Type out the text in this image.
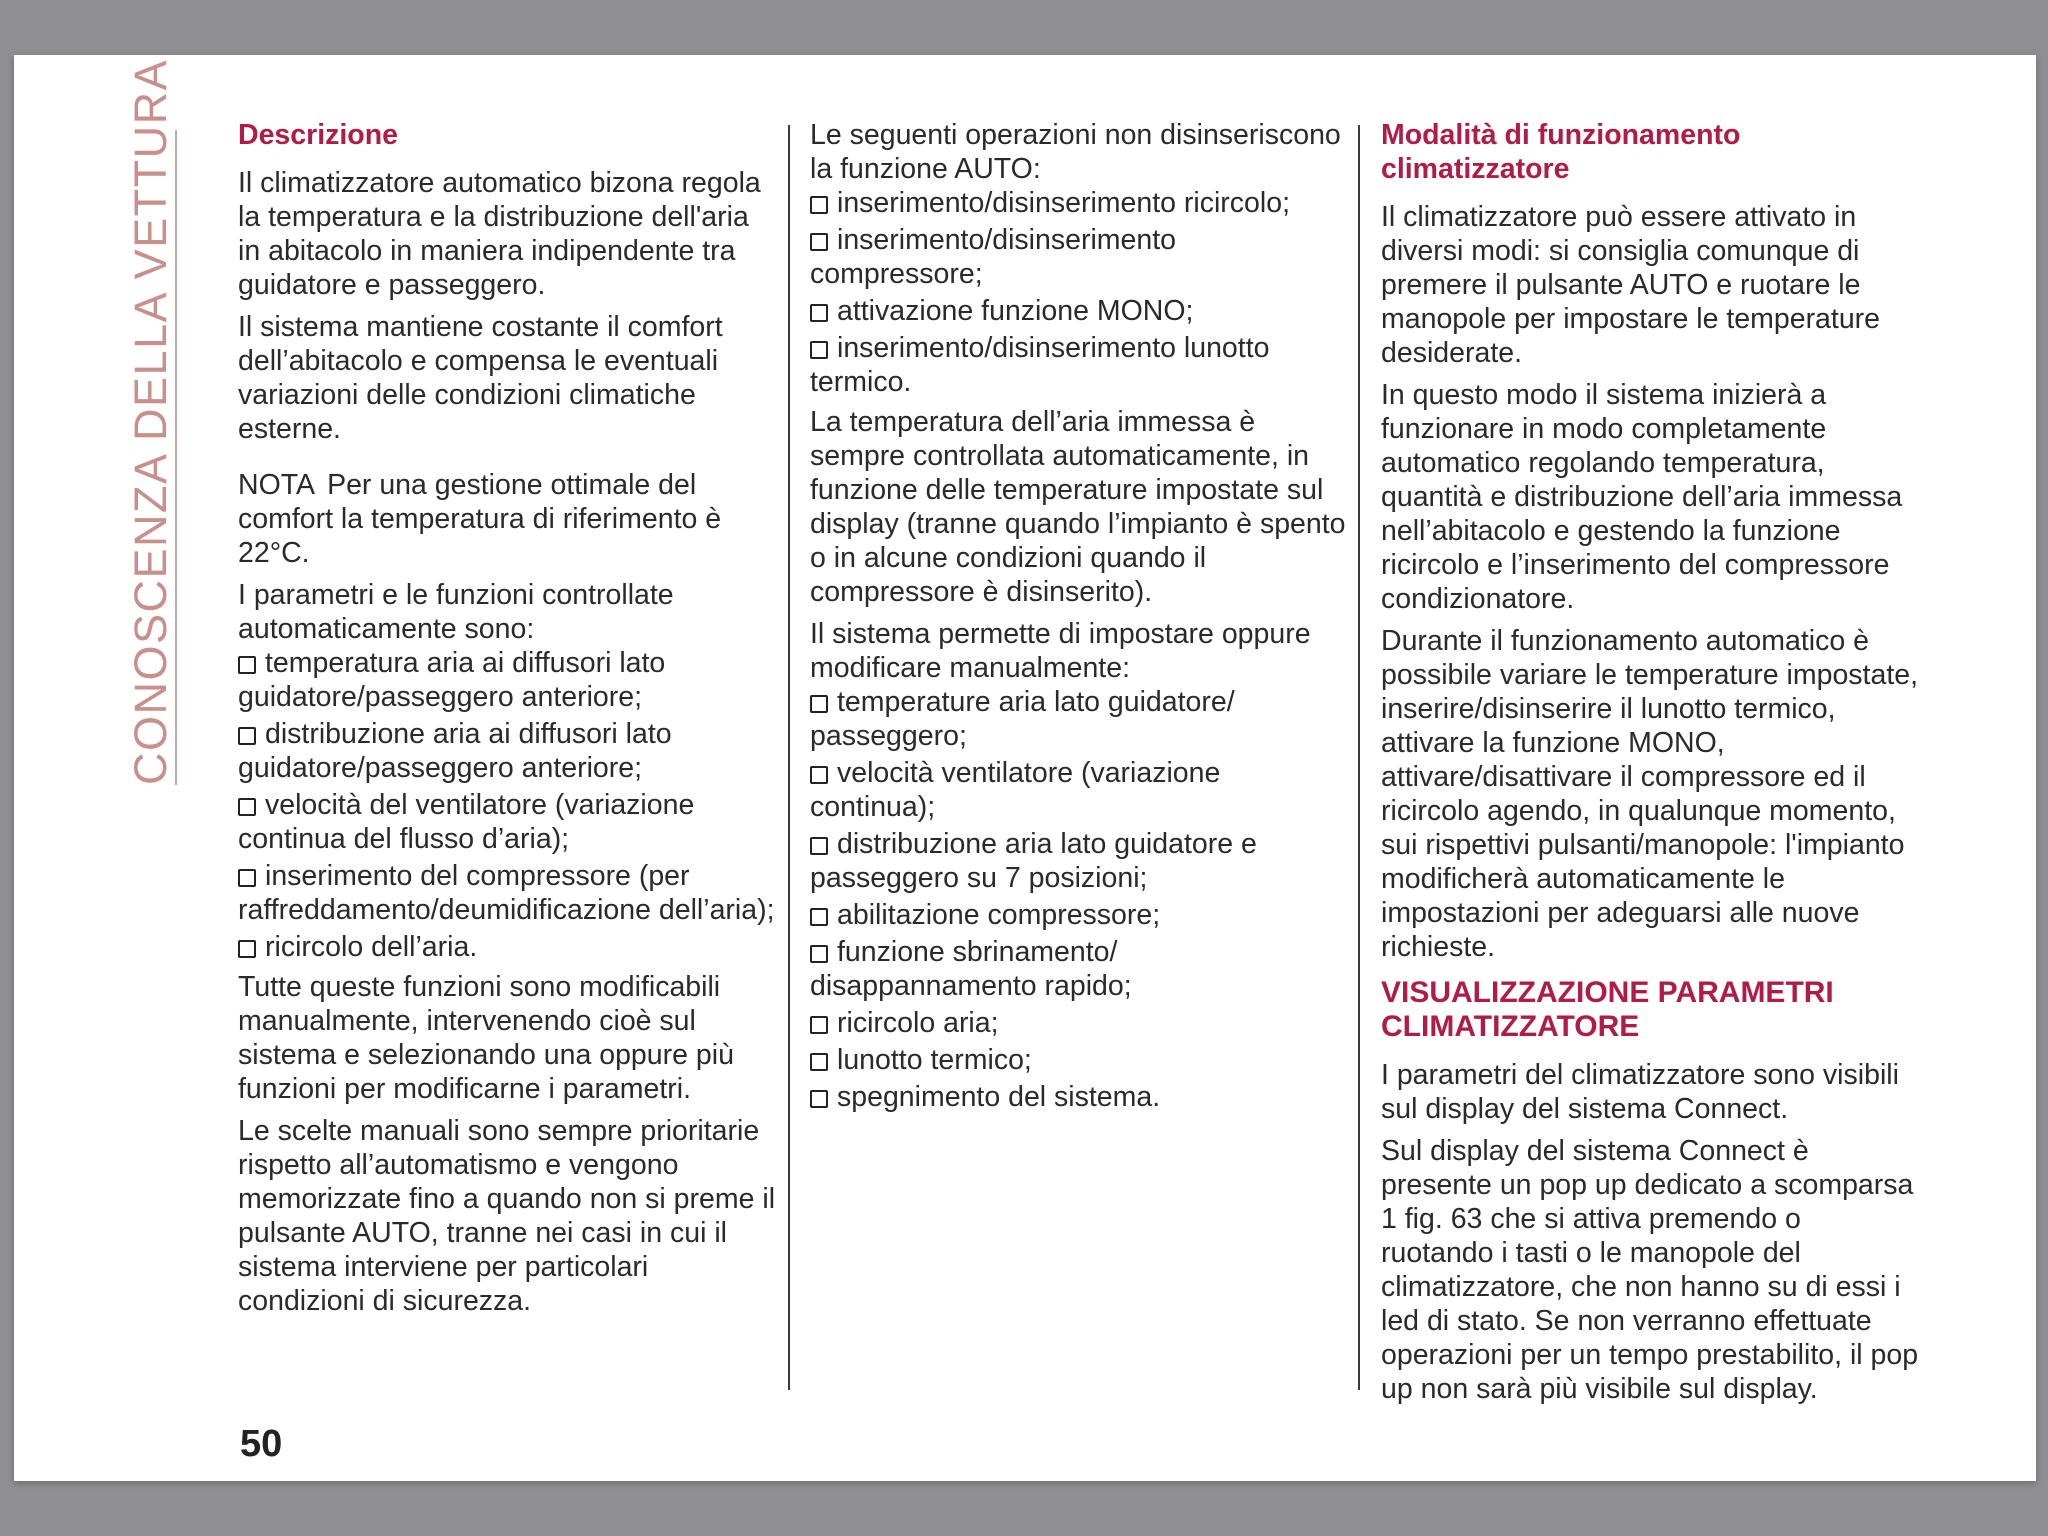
CONOSCENZA DELLA VETTURA Descrizione

Il climatizzatore automatico bizona regola la temperatura e la distribuzione dell'aria in abitacolo in maniera indipendente tra guidatore e passeggero.

Il sistema mantiene costante il comfort dell’abitacolo e compensa le eventuali variazioni delle condizioni climatiche esterne.

NOTA Per una gestione ottimale del comfort la temperatura di riferimento è 22°C.

I parametri e le funzioni controllate automaticamente sono:

temperatura aria ai diffusori lato guidatore/passeggero anteriore;
distribuzione aria ai diffusori lato guidatore/passeggero anteriore;
velocità del ventilatore (variazione continua del flusso d’aria);
inserimento del compressore (per raffreddamento/deumidificazione dell’aria);
ricircolo dell’aria.

Tutte queste funzioni sono modificabili manualmente, intervenendo cioè sul sistema e selezionando una oppure più funzioni per modificarne i parametri.

Le scelte manuali sono sempre prioritarie rispetto all’automatismo e vengono memorizzate fino a quando non si preme il pulsante AUTO, tranne nei casi in cui il sistema interviene per particolari condizioni di sicurezza.

Le seguenti operazioni non disinseriscono la funzione AUTO:

inserimento/disinserimento ricircolo;
inserimento/disinserimento compressore;
attivazione funzione MONO;
inserimento/disinserimento lunotto termico.

La temperatura dell’aria immessa è sempre controllata automaticamente, in funzione delle temperature impostate sul display (tranne quando l’impianto è spento o in alcune condizioni quando il compressore è disinserito).

Il sistema permette di impostare oppure modificare manualmente:

temperature aria lato guidatore/ passeggero;
velocità ventilatore (variazione continua);
distribuzione aria lato guidatore e passeggero su 7 posizioni;
abilitazione compressore;
funzione sbrinamento/ disappannamento rapido;
ricircolo aria;
lunotto termico;
spegnimento del sistema.
Modalità di funzionamento climatizzatore

Il climatizzatore può essere attivato in diversi modi: si consiglia comunque di premere il pulsante AUTO e ruotare le manopole per impostare le temperature desiderate.

In questo modo il sistema inizierà a funzionare in modo completamente automatico regolando temperatura, quantità e distribuzione dell’aria immessa nell’abitacolo e gestendo la funzione ricircolo e l’inserimento del compressore condizionatore.

Durante il funzionamento automatico è possibile variare le temperature impostate, inserire/disinserire il lunotto termico, attivare la funzione MONO, attivare/disattivare il compressore ed il ricircolo agendo, in qualunque momento, sui rispettivi pulsanti/manopole: l'impianto modificherà automaticamente le impostazioni per adeguarsi alle nuove richieste.

VISUALIZZAZIONE PARAMETRI CLIMATIZZATORE

I parametri del climatizzatore sono visibili sul display del sistema Connect.

Sul display del sistema Connect è presente un pop up dedicato a scomparsa 1 fig. 63 che si attiva premendo o ruotando i tasti o le manopole del climatizzatore, che non hanno su di essi i led di stato. Se non verranno effettuate operazioni per un tempo prestabilito, il pop up non sarà più visibile sul display.

50
